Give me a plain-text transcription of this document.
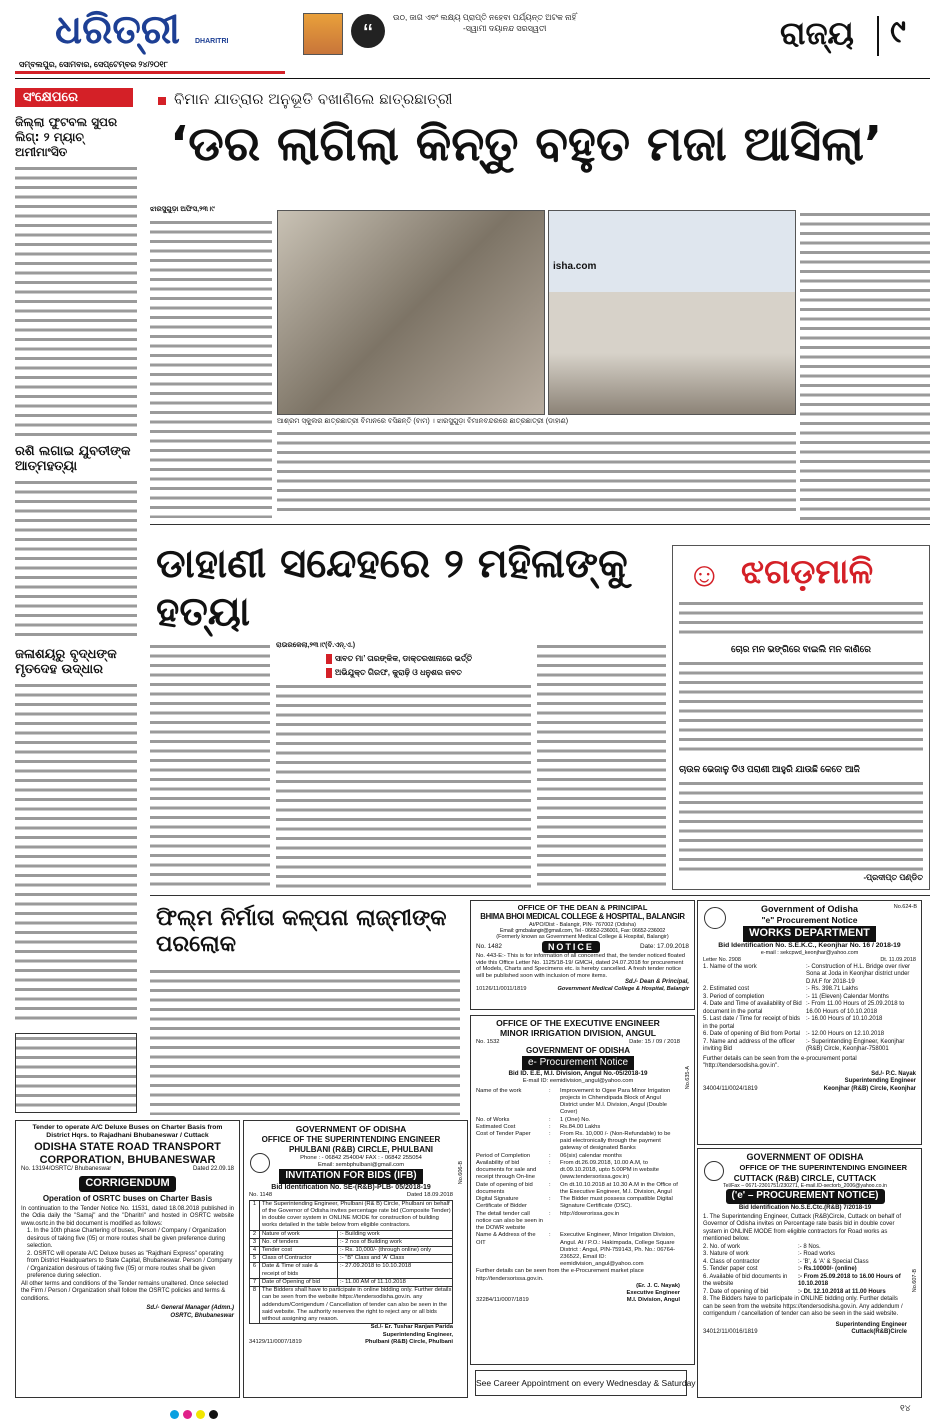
ଧରିତ୍ରୀ DHARITRI
ସମ୍ବଲପୁର, ସୋମବାର, ସେପ୍ଟେମ୍ବର ୨୪/୨୦୧୮
“
ଉଠ, ଜାଗ ଏବଂ ଲକ୍ଷ୍ୟ ପ୍ରାପ୍ତି ନହେବା ପର୍ଯ୍ୟନ୍ତ ଅଟକ ନାହିଁ
-ସ୍ୱାମୀ ଦୟାନନ୍ଦ ସରସ୍ୱତୀ	ରାଜ୍ୟ ୯
ସଂକ୍ଷେପରେ
ଜିଲ୍ଲା ଫୁଟବଲ ସୁପର ଲିଗ୍: ୨ ମ୍ୟାଚ୍ ଅମୀମାଂସିତ
ରଶି ଲଗାଇ ଯୁବତୀଙ୍କ ଆତ୍ମହତ୍ୟା
ଜଳାଶୟରୁ ବୃଦ୍ଧଙ୍କ ମୃତଦେହ ଉଦ୍ଧାର
ବିମାନ ଯାତ୍ରାର ଅନୁଭୂତି ବଖାଣିଲେ ଛାତ୍ରଛାତ୍ରୀ
‘ଡର ଲାଗିଲା କିନ୍ତୁ ବହୁତ ମଜା ଆସିଲା’
ଝାରସୁଗୁଡ଼ା ଅଫିସ,୨୩।୯
isha.com
ଆଶ୍ରମ ସ୍କୁଲର ଛାତ୍ରଛାତ୍ରୀ ବିମାନରେ ବସିଛନ୍ତି (ବାମ) । ଝାରସୁଗୁଡ଼ା ବିମାନବନ୍ଦରରେ ଛାତ୍ରଛାତ୍ରୀ (ଡାହାଣ)
ଡାହାଣୀ ସନ୍ଦେହରେ ୨ ମହିଳାଙ୍କୁ ହତ୍ୟା
ରାଉରକେଲା,୨୩।୯(ବି.ଏନ୍.ଏ.)
ସାବତ ମା’ ତାରଙ୍କିକ, ଡାକ୍ତରଖାନାରେ ଭର୍ତ୍ତି
ଅଭିଯୁକ୍ତ ଗିରଫ, କୁରାଢ଼ି ଓ ଧନୁଶର ଜବତ
☺ ଝଗଡ଼ମାଳି
ଚୋର ମନ ଭଙ୍ଗିରେ ବାଇଲି ମନ କାଣିରେ
ଚାଉଳ ଭେଜାଳୁ ଡିଓ ପରାଣୀ ଆହୁରି ଯାଉଛି କେତେ ଆଜି
-ପ୍ରଦୀପ୍ତ ପଣ୍ଡିତ
ଫିଲ୍ମ ନିର୍ମାତା କଳ୍ପନା ଲାଜ୍ମୀଙ୍କ ପରଲୋକ
OFFICE OF THE DEAN & PRINCIPAL
BHIMA BHOI MEDICAL COLLEGE & HOSPITAL, BALANGIR
At/PO/Dist - Balangir, PIN- 767002 (Odisha)
Email: gmcbalangir@gmail.com, Tel - 06652-236001, Fax: 06652-236002
(Formerly known as Government Medical College & Hospital, Balangir)
No. 1482	NOTICE	Date: 17.09.2018
No. 443-E:- This is for information of all concerned that, the tender noticed floated vide this Office Letter No. 1125/18-19/ GMCH, dated 24.07.2018 for procurement of Models, Charts and Specimens etc. is hereby cancelled. A fresh tender notice will be published soon with inclusion of more items.
Sd./- Dean & Principal,
10126/11/0011/1819	Government Medical College & Hospital, Balangir
No.624-B
Government of Odisha
"e" Procurement Notice
WORKS DEPARTMENT
Bid Identification No. S.E.K.C., Keonjhar No. 16 / 2018-19
e-mail : sekcpwd_keonjhar@yahoo.com
Letter No. 2908	Dt. 11.09.2018
1. Name of the work	:- Construction of H.L. Bridge over river Sona at Joda in Keonjhar district under D.M.F for 2018-19
2. Estimated cost	:- Rs. 398.71 Lakhs
3. Period of completion	:- 11 (Eleven) Calendar Months
4. Date and Time of availability of Bid document in the portal
:- From 11.00 Hours of 25.09.2018 to 16.00 Hours of 10.10.2018
5. Last date / Time for receipt of bids in the portal
:- 16.00 Hours of 10.10.2018
6. Date of opening of Bid from Portal :- 12.00 Hours on 12.10.2018
7. Name and address of the officer inviting Bid
:- Superintending Engineer, Keonjhar (R&B) Circle, Keonjhar-758001
Further details can be seen from the e-procurement portal "http://tendersodisha.gov.in".
Sd./- P.C. Nayak
Superintending Engineer
34004/11/0024/1819	Keonjhar (R&B) Circle, Keonjhar
OFFICE OF THE EXECUTIVE ENGINEER
MINOR IRRIGATION DIVISION, ANGUL
No. 1532	Date: 15 / 09 / 2018
GOVERNMENT OF ODISHA
e- Procurement Notice
Bid ID. E.E, M.I. Division, Angul No.-05/2018-19
E-mail ID: eemidivision_angul@yahoo.com	No.635-A
Name of the work	:	Improvement to Ogee Para Minor Irrigation projects in Chhendipada Block of Angul District under M.I. Division, Angul (Double Cover)
No. of Works	:	1 (One) No.
Estimated Cost	:	Rs.84.00 Lakhs
Cost of Tender Paper	:	From Rs. 10,000 /- (Non-Refundable) to be paid electronically through the payment gateway of designated Banks
Period of Completion	:	06(six) calendar months
Availability of bid documents for sale and receipt through On-line
:	From dt.26.09.2018, 10.00 A.M, to dt.09.10.2018, upto 5.00PM in website (www.tendersorissa.gov.in)
Date of opening of bid documents
:	On dt.10.10.2018 at 10.30 A.M in the Office of the Executive Engineer, M.I. Division, Angul
Digital Signature Certificate of Bidder
:	The Bidder must possess compatible Digital Signature Certificate (DSC).
The detail tender call notice can also be seen in the DOWR website
:	http://dowrorissa.gov.in
Name & Address of the OIT
:	Executive Engineer, Minor Irrigation Division, Angul. At / P.O.: Hakimpada, College Square District : Angul, PIN-759143, Ph. No.: 06764- 236522, Email ID: eemidivision_angul@yahoo.com
Further details can be seen from the e-Procurement market place http://tendersorissa.gov.in.
(Er. J. C. Nayak)
Executive Engineer
32284/11/0007/1819	M.I. Division, Angul
See Career Appointment on every Wednesday & Saturday
GOVERNMENT OF ODISHA
OFFICE OF THE SUPERINTENDING ENGINEER
CUTTACK (R&B) CIRCLE, CUTTACK
Tel/Fax – 0671-2301751/230271, E-mail.ID-sectorb_2006@yahoo.co.in
('e' – PROCUREMENT NOTICE)
Bid Identification No.S.E.Ctc.(R&B) 7/2018-19
1. The Superintending Engineer, Cuttack (R&B)Circle, Cuttack on behalf of Governor of Odisha invites on Percentage rate basis bid in double cover system in ONLINE MODE from eligible contractors for Road works as mentioned below.
2. No. of work	:- 8 Nos.
3. Nature of work	:- Road works
4. Class of contractor	:- 'B', & 'A' & Special Class
5. Tender paper cost	:- Rs.10000/- (online)
6. Available of bid documents in the website
:- From 25.09.2018 to 16.00 Hours of 10.10.2018
7. Date of opening of bid	:- Dt. 12.10.2018 at 11.00 Hours	No.607-B
8. The Bidders have to participate in ONLINE bidding only. Further details can be seen from the website https://tendersodisha.gov.in. Any addendum / corrigendum / cancellation of tender can also be seen in the said website.
Superintending Engineer
34012/11/0016/1819	Cuttack(R&B)Circle
Tender to operate A/C Deluxe Buses on Charter Basis from District Hqrs. to Rajadhani Bhubaneswar / Cuttack
ODISHA STATE ROAD TRANSPORT CORPORATION, BHUBANESWAR
No. 13194/OSRTC/ Bhubaneswar	Dated 22.09.18
CORRIGENDUM
Operation of OSRTC buses on Charter Basis
In continuation to the Tender Notice No. 11531, dated 18.08.2018 published in the Odia daily the "Samaj" and the "Dharitri" and hosted in OSRTC website www.osrtc.in the bid document is modified as follows:
1. In the 10th phase Chartering of buses, Person / Company / Organization desirous of taking five (05) or more routes shall be given preference during selection.
2. OSRTC will operate A/C Deluxe buses as "Rajdhani Express" operating from District Headquarters to State Capital, Bhubaneswar. Person / Company / Organization desirous of taking five (05) or more routes shall be given preference during selection.
All other terms and conditions of the Tender remains unaltered. Once selected the Firm / Person / Organization shall follow the OSRTC policies and terms & conditions.
Sd./- General Manager (Admn.)
OSRTC, Bhubaneswar
GOVERNMENT OF ODISHA
OFFICE OF THE SUPERINTENDING ENGINEER
PHULBANI (R&B) CIRCLE, PHULBANI
Phone : - 06842 254004/ FAX : - 06842 255054
Email: sembphulbani@gmail.com
INVITATION FOR BIDS (IFB)
Bid Identification No. SE-(R&B)-PLB- 05/2018-19
No.606-B
No. 1148	Dated 18.09.2018
1	The Superintending Engineer, Phulbani (R& B) Circle, Phulbani on behalf of the Governor of Odisha invites percentage rate bid (Composite Tender) in double cover system in ONLINE MODE for construction of building works detailed in the table below from eligible contractors.
2	Nature of work	:- Building work
3	No. of tenders	:- 2 nos of Building work
4	Tender cost	:- Rs. 10,000/- (through online) only
5	Class of Contractor	:- "B" Class and 'A' Class
6	Date & Time of sale & receipt of bids
:- 27.09.2018 to 10.10.2018
7	Date of Opening of bid	:- 11.00 AM of 11.10.2018
8	The Bidders shall have to participate in online bidding only. Further details can be seen from the website https://tendersodisha.gov.in. any addendum/Corrigendum / Cancellation of tender can also be seen in the said website. The authority reserves the right to reject any or all bids without assigning any reason.
Sd./- Er. Tushar Ranjan Parida
Superintending Engineer,
34129/11/0007/1819	Phulbani (R&B) Circle, Phulbani
୧୪
